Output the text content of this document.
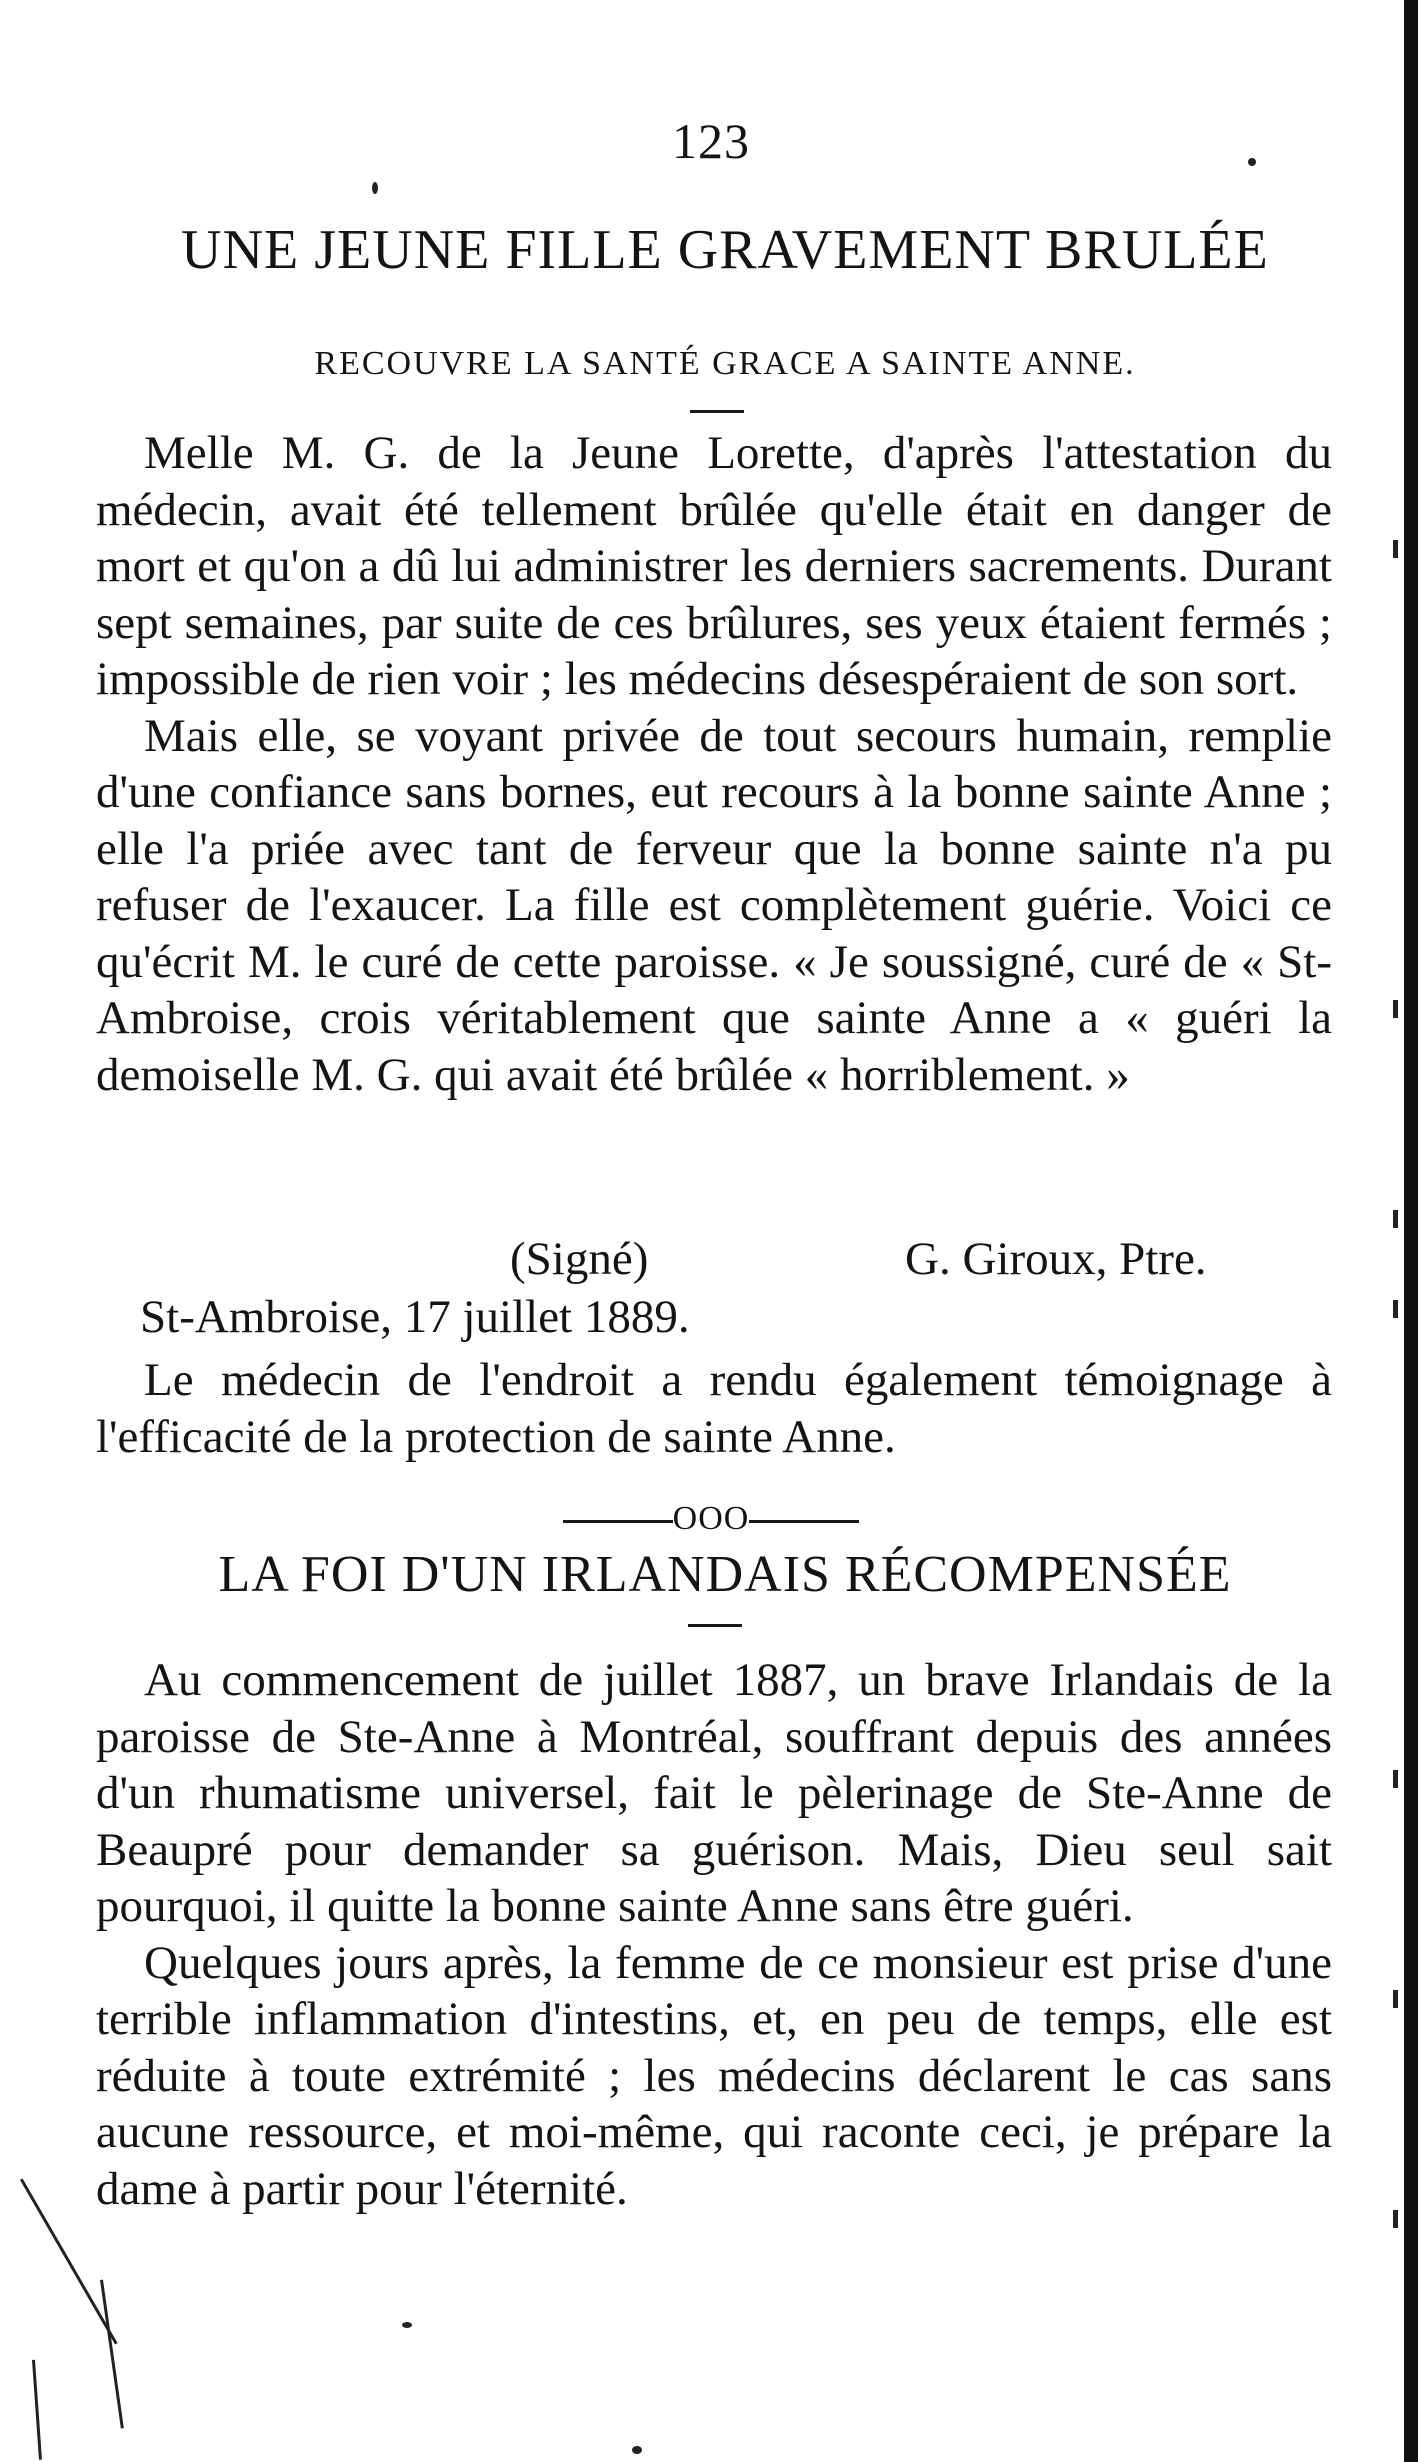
123
UNE JEUNE FILLE GRAVEMENT BRULÉE
RECOUVRE LA SANTÉ GRACE A SAINTE ANNE.

Melle M. G. de la Jeune Lorette, d'après l'attestation du médecin, avait été tellement brûlée qu'elle était en danger de mort et qu'on a dû lui administrer les derniers sacrements. Durant sept semaines, par suite de ces brûlures, ses yeux étaient fermés ; impossible de rien voir ; les médecins désespéraient de son sort.

Mais elle, se voyant privée de tout secours humain, remplie d'une confiance sans bornes, eut recours à la bonne sainte Anne ; elle l'a priée avec tant de ferveur que la bonne sainte n'a pu refuser de l'exaucer. La fille est complètement guérie. Voici ce qu'écrit M. le curé de cette paroisse. « Je soussigné, curé de « St-Ambroise, crois véritablement que sainte Anne a « guéri la demoiselle M. G. qui avait été brûlée « horriblement. »

(Signé)	G. Giroux, Ptre.
St-Ambroise, 17 juillet 1889.

Le médecin de l'endroit a rendu également témoignage à l'efficacité de la protection de sainte Anne.

OOO
LA FOI D'UN IRLANDAIS RÉCOMPENSÉE

Au commencement de juillet 1887, un brave Irlandais de la paroisse de Ste-Anne à Montréal, souffrant depuis des années d'un rhumatisme universel, fait le pèlerinage de Ste-Anne de Beaupré pour demander sa guérison. Mais, Dieu seul sait pourquoi, il quitte la bonne sainte Anne sans être guéri.

Quelques jours après, la femme de ce monsieur est prise d'une terrible inflammation d'intestins, et, en peu de temps, elle est réduite à toute extrémité ; les médecins déclarent le cas sans aucune ressource, et moi-même, qui raconte ceci, je prépare la dame à partir pour l'éternité.
